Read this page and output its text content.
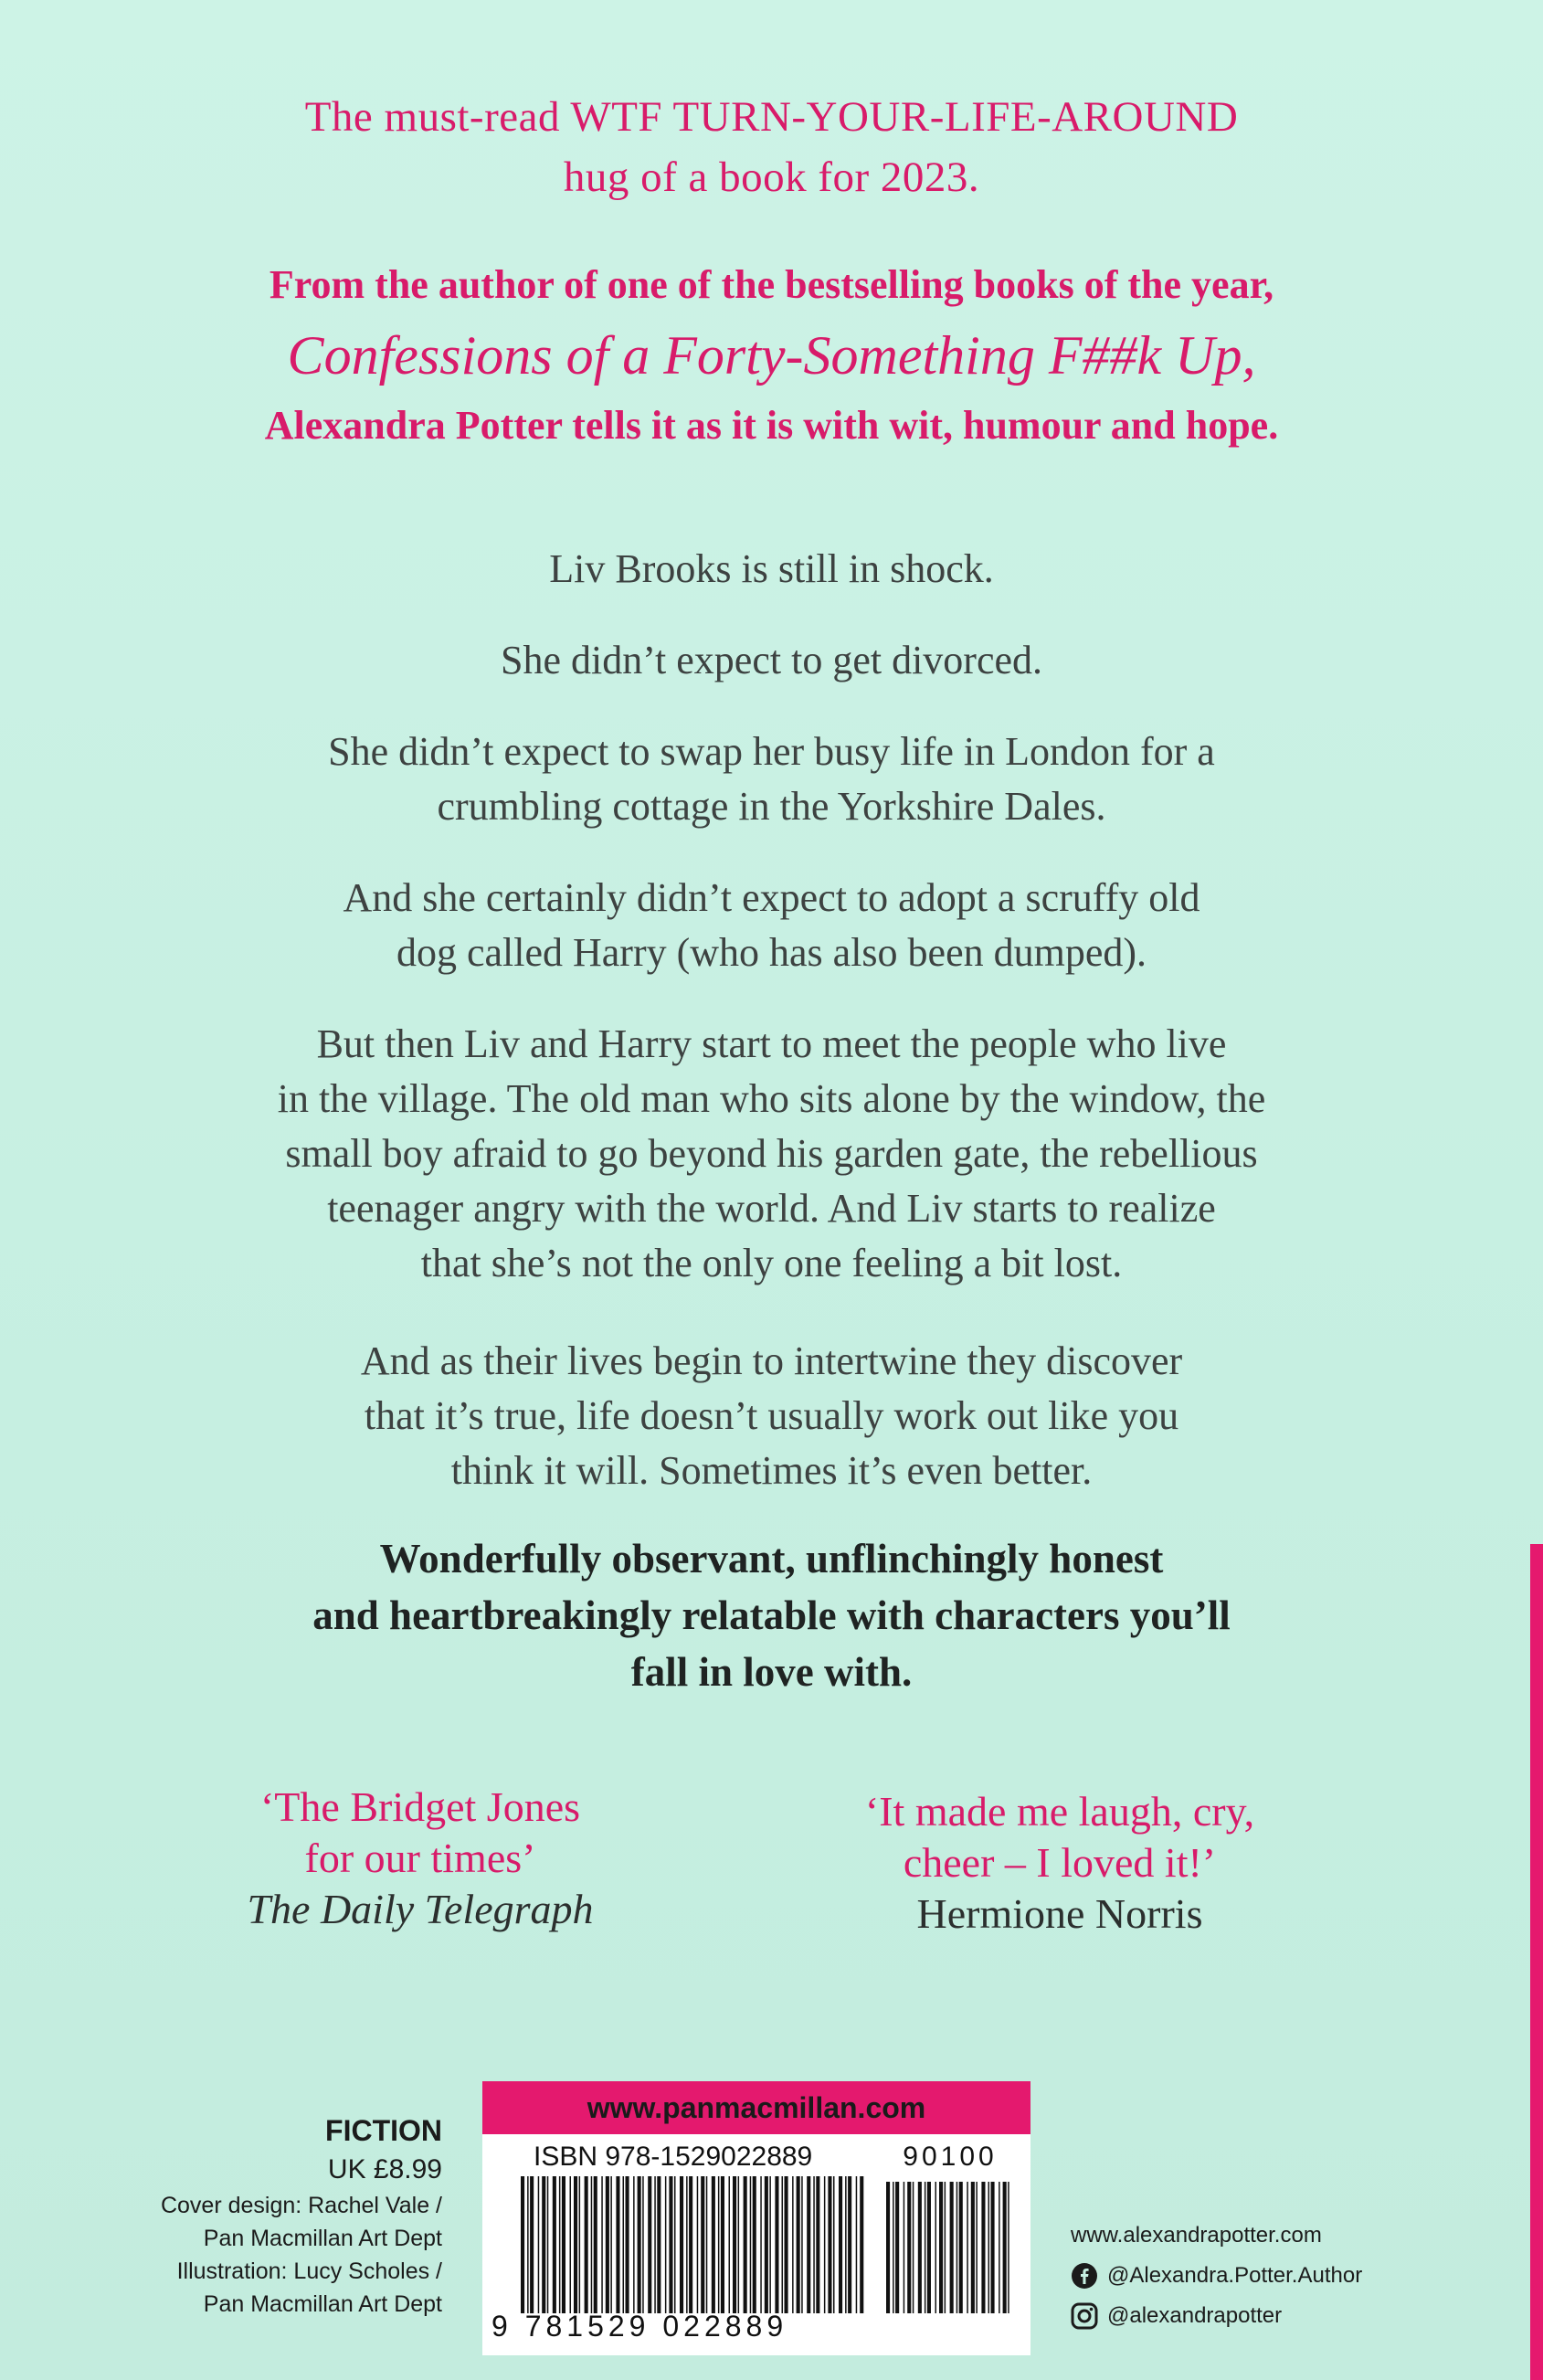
The must-read WTF TURN-YOUR-LIFE-AROUND
hug of a book for 2023.
From the author of one of the bestselling books of the year,
Confessions of a Forty-Something F##k Up,
Alexandra Potter tells it as it is with wit, humour and hope.
Liv Brooks is still in shock.
She didn’t expect to get divorced.
She didn’t expect to swap her busy life in London for a
crumbling cottage in the Yorkshire Dales.
And she certainly didn’t expect to adopt a scruffy old
dog called Harry (who has also been dumped).
But then Liv and Harry start to meet the people who live
in the village. The old man who sits alone by the window, the
small boy afraid to go beyond his garden gate, the rebellious
teenager angry with the world. And Liv starts to realize
that she’s not the only one feeling a bit lost.
And as their lives begin to intertwine they discover
that it’s true, life doesn’t usually work out like you
think it will. Sometimes it’s even better.
Wonderfully observant, unflinchingly honest
and heartbreakingly relatable with characters you’ll
fall in love with.
‘The Bridget Jones
for our times’
The Daily Telegraph
‘It made me laugh, cry,
cheer – I loved it!’
Hermione Norris
FICTION
UK £8.99
Cover design: Rachel Vale /
Pan Macmillan Art Dept
Illustration: Lucy Scholes /
Pan Macmillan Art Dept
www.panmacmillan.com
ISBN 978-1529022889	90100
9 781529 022889
www.alexandrapotter.com
@Alexandra.Potter.Author
@alexandrapotter
